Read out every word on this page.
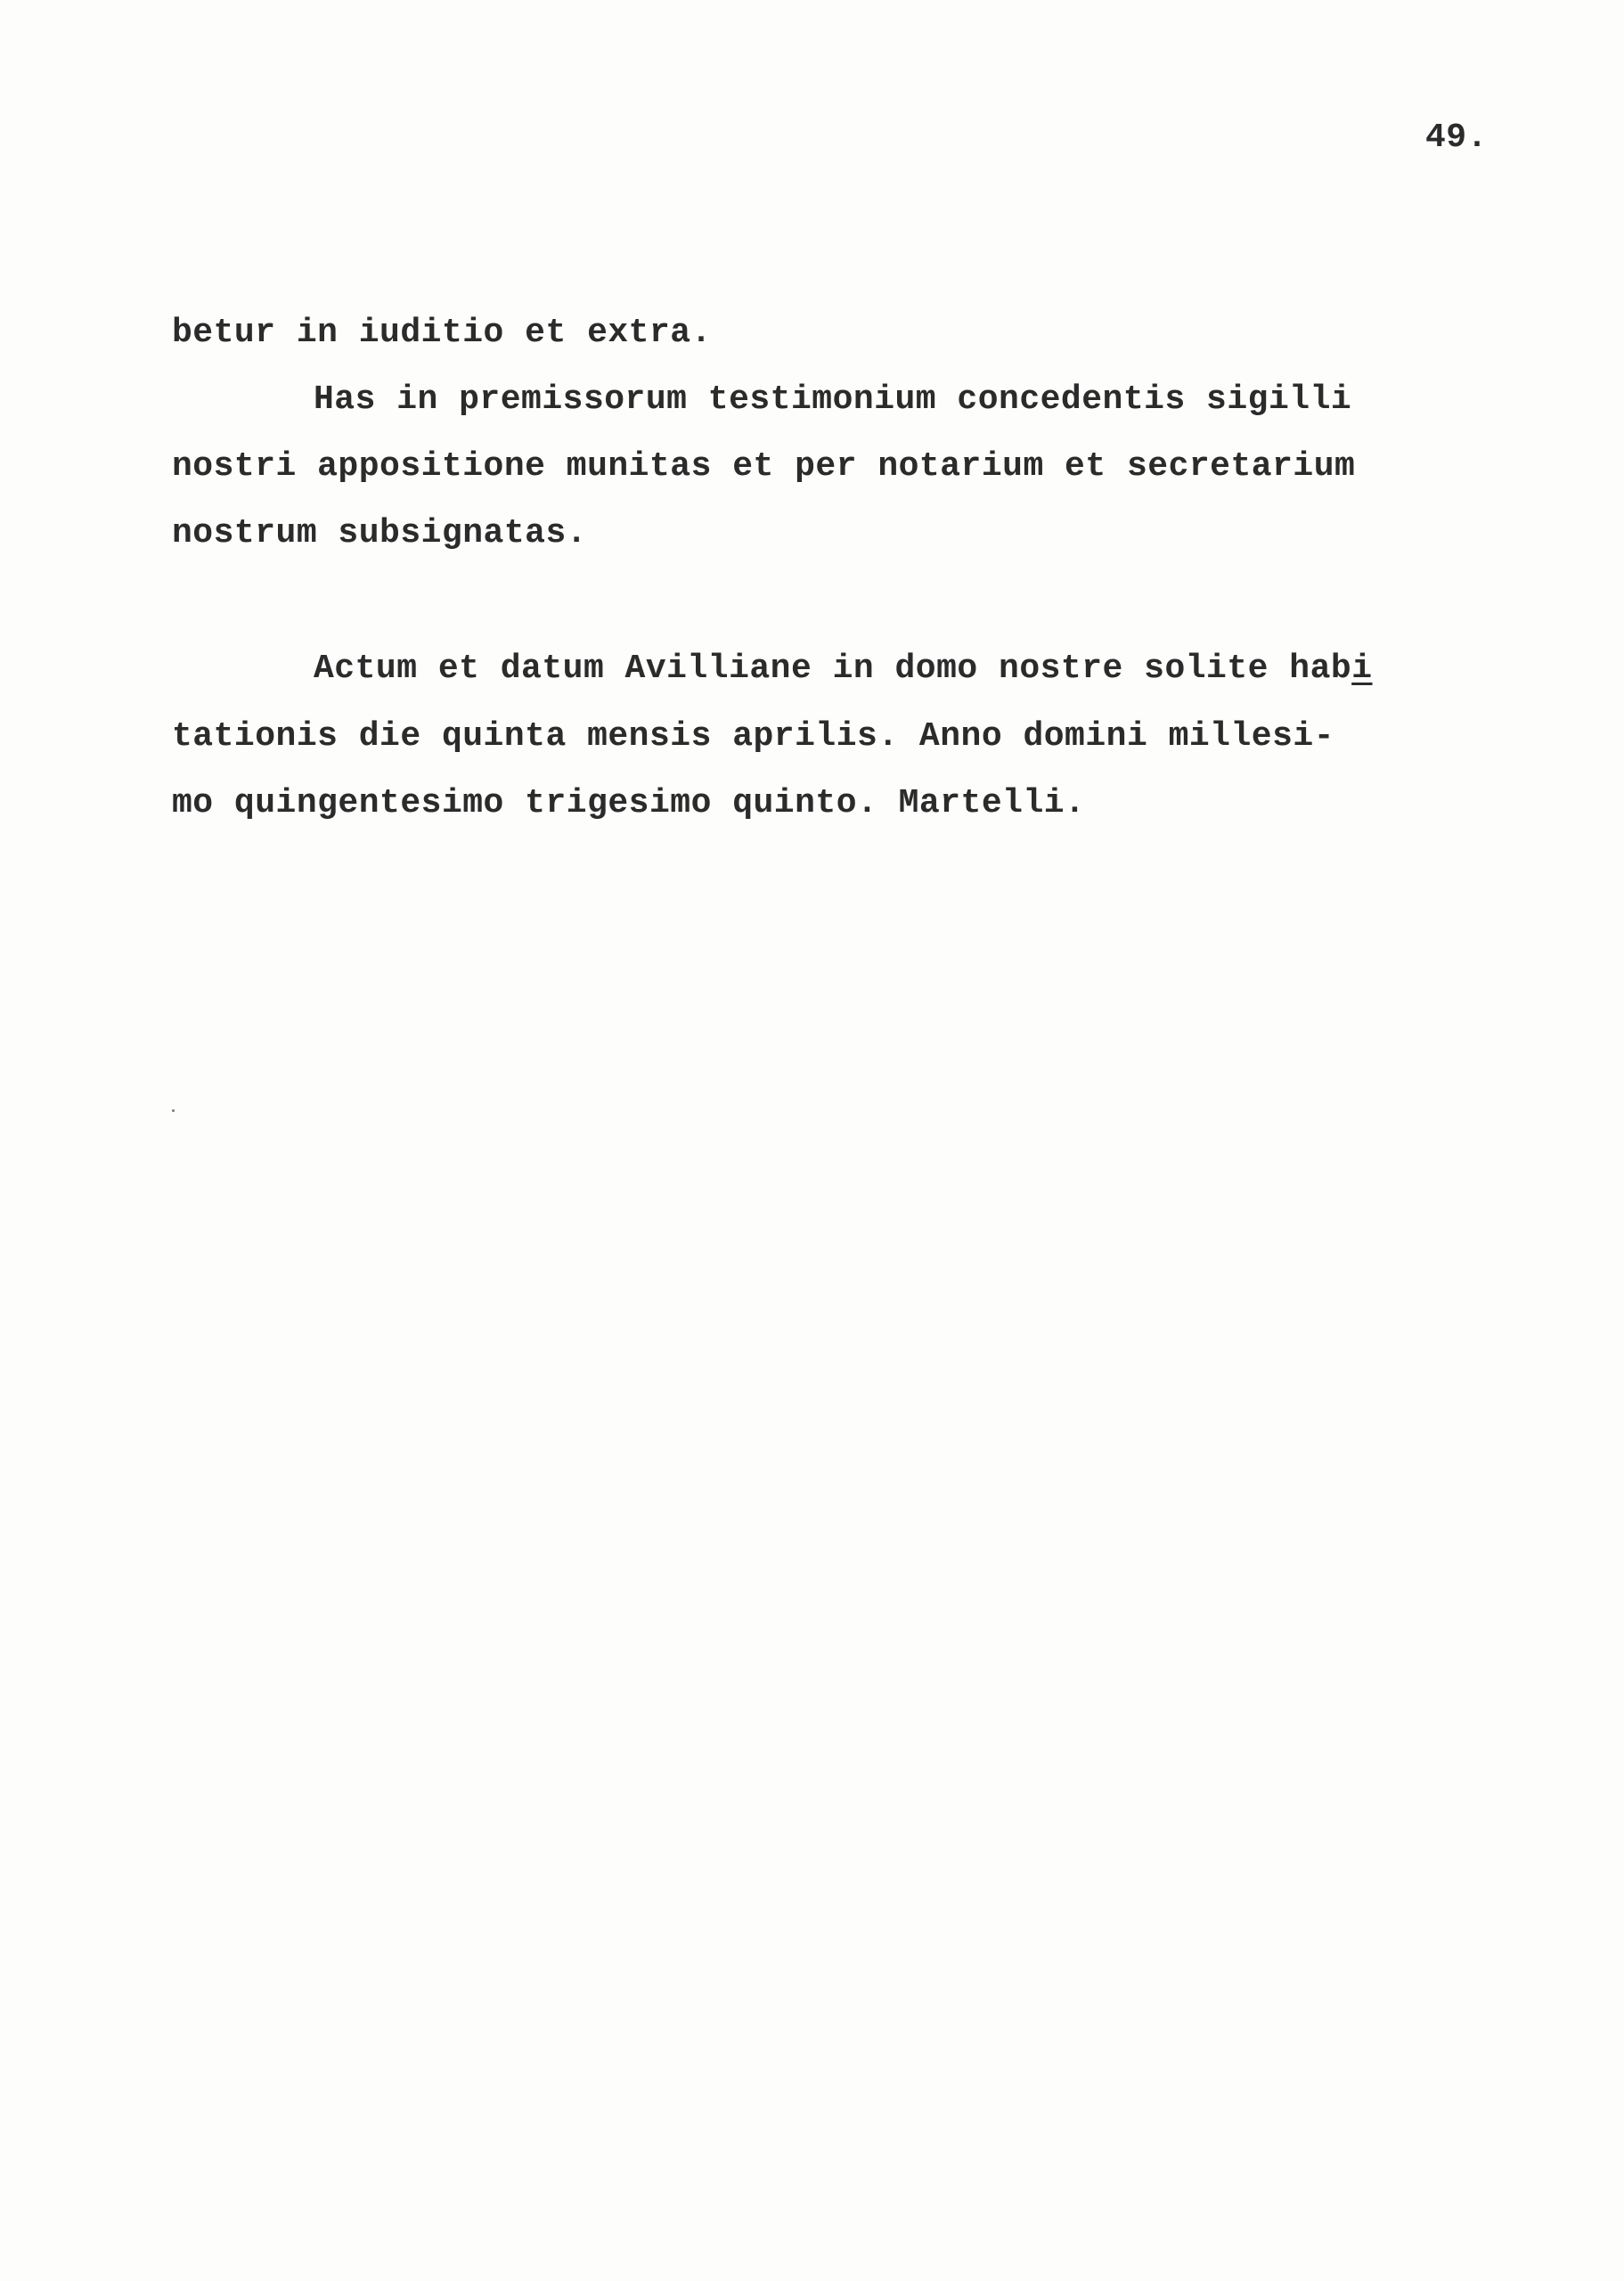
49.
betur in iuditio et extra.
Has in premissorum testimonium concedentis sigilli
nostri appositione munitas et per notarium et secretarium
nostrum subsignatas.
Actum et datum Avilliane in domo nostre solite habi
tationis die quinta mensis aprilis. Anno domini millesi-
mo quingentesimo trigesimo quinto. Martelli.
